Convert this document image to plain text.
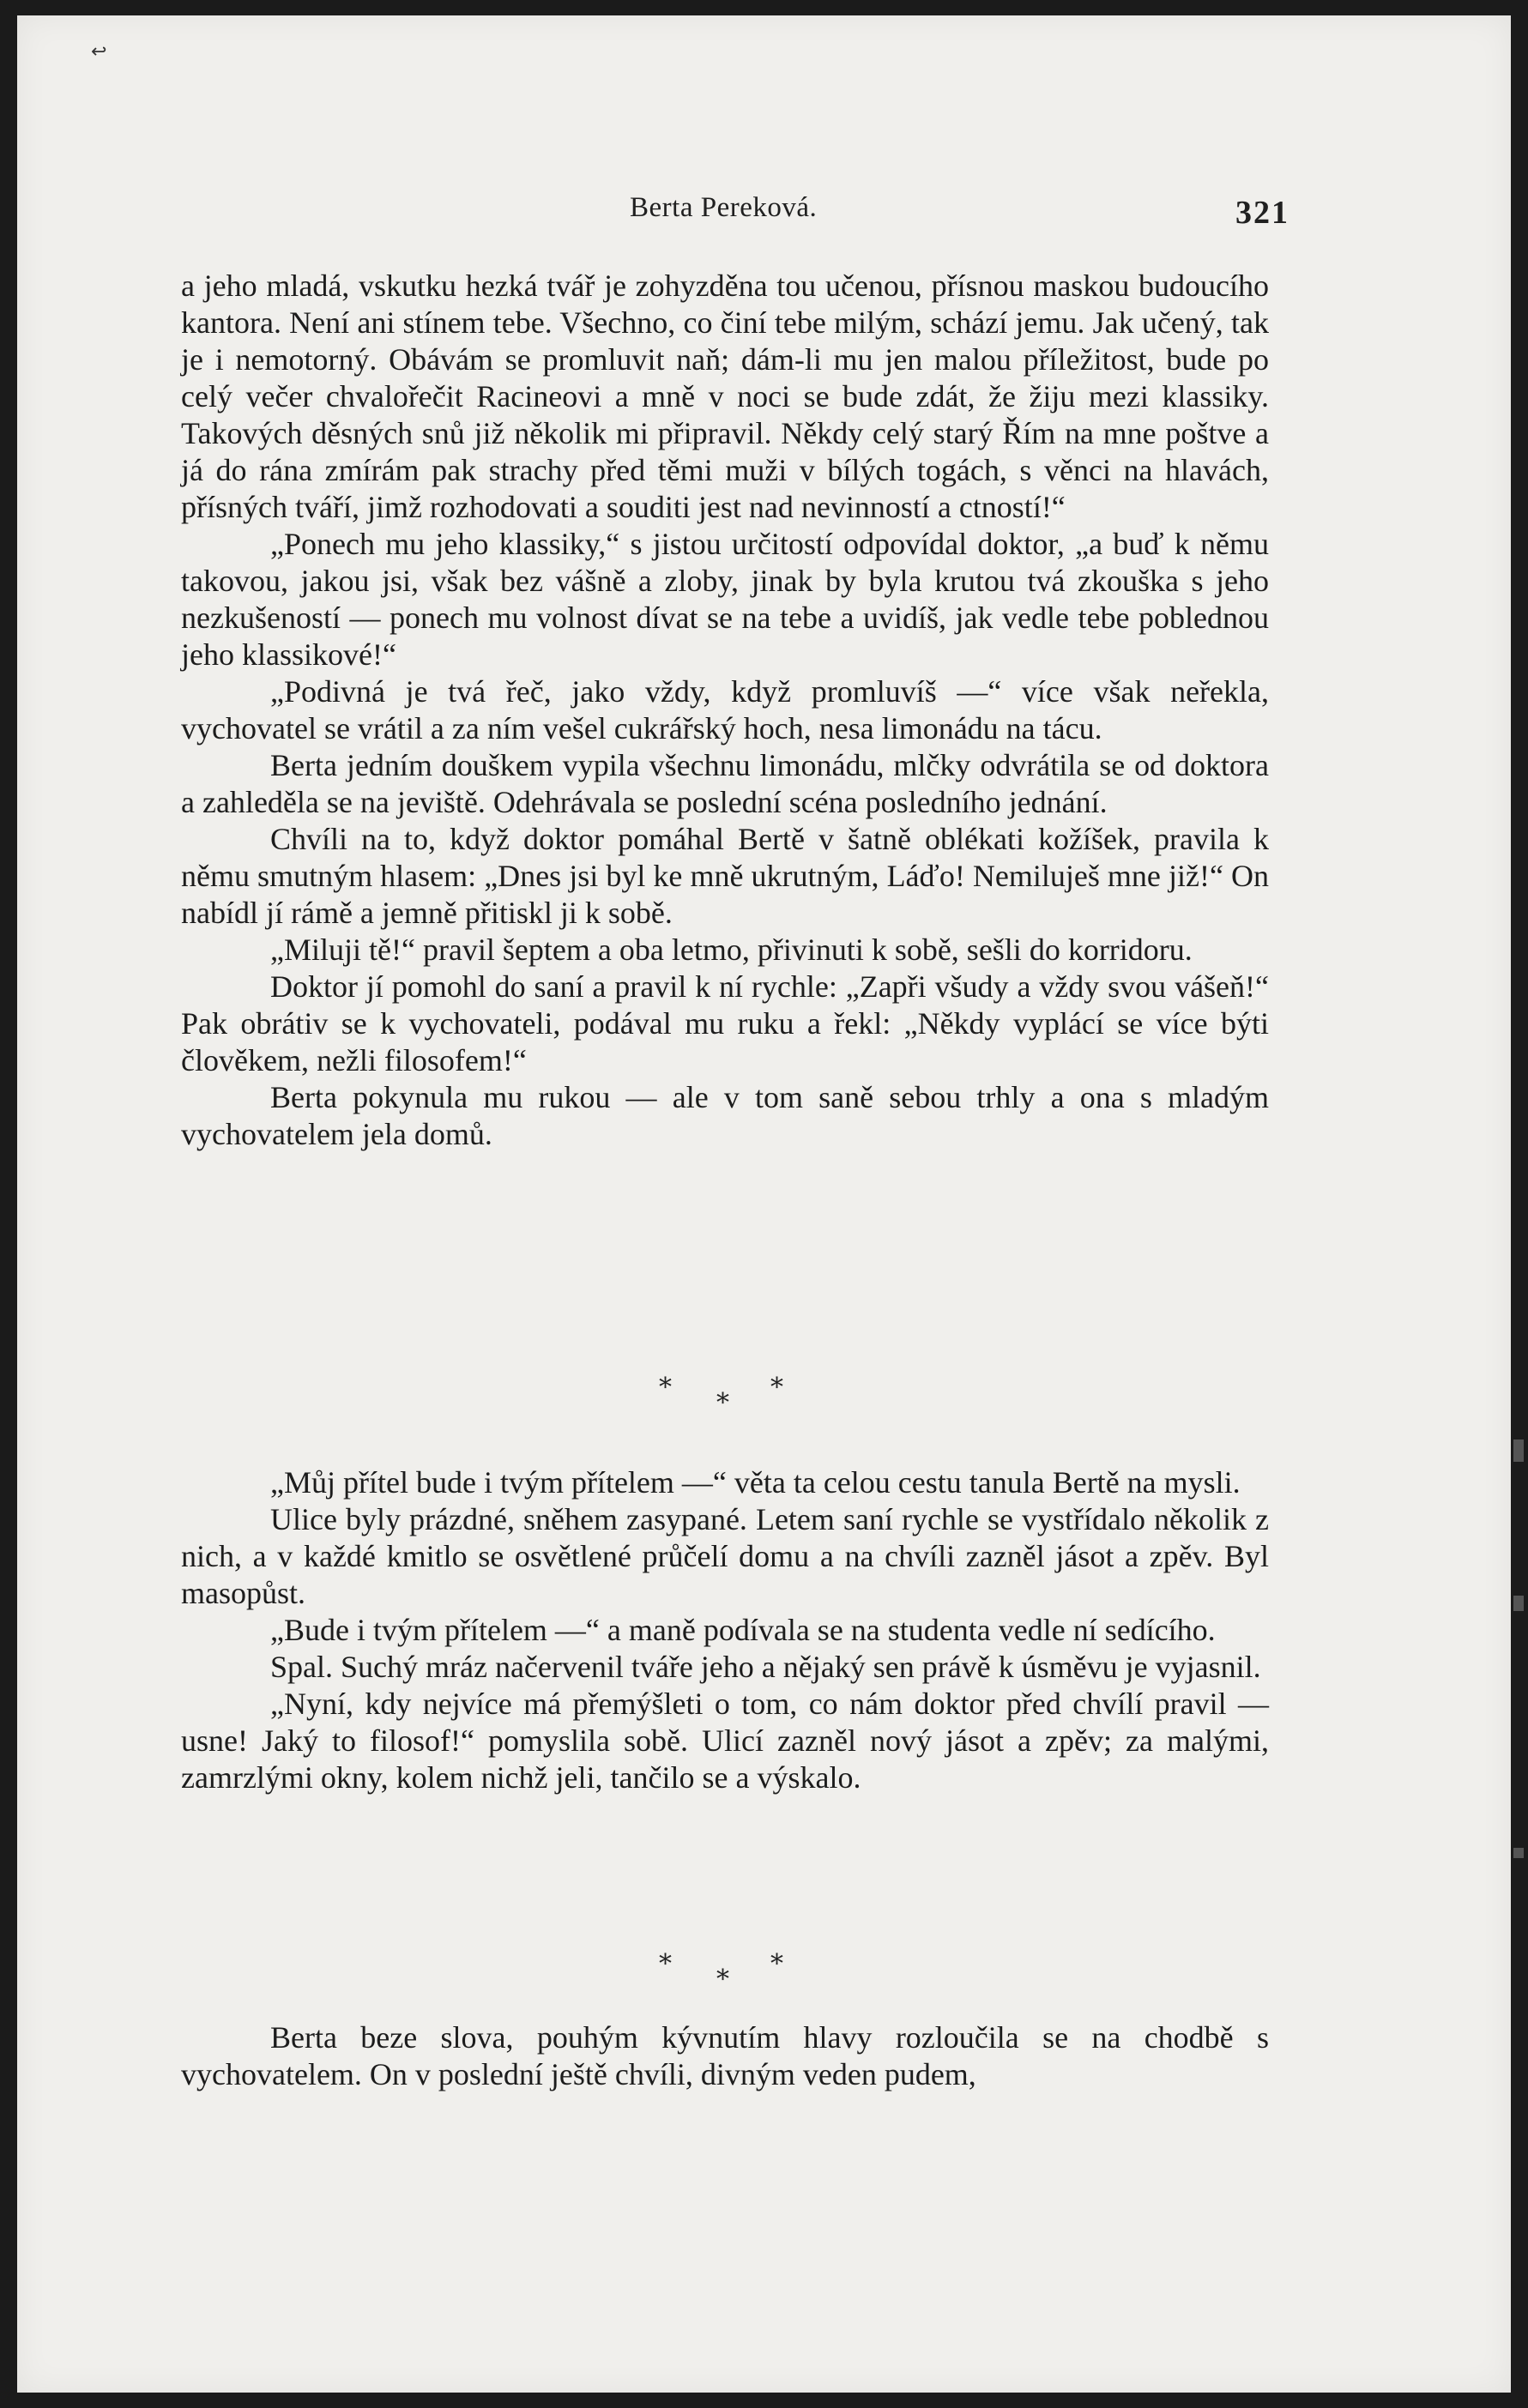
↩
Berta Pereková.	321

a jeho mladá, vskutku hezká tvář je zohyzděna tou učenou, přísnou maskou budoucího kantora. Není ani stínem tebe. Všechno, co činí tebe milým, schází jemu. Jak učený, tak je i nemotorný. Obávám se promluvit naň; dám-li mu jen malou příležitost, bude po celý večer chvalořečit Racineovi a mně v noci se bude zdát, že žiju mezi klassiky. Takových děsných snů již několik mi připravil. Někdy celý starý Řím na mne poštve a já do rána zmírám pak strachy před těmi muži v bílých togách, s věnci na hlavách, přísných tváří, jimž rozhodovati a souditi jest nad nevinností a ctností!“

„Ponech mu jeho klassiky,“ s jistou určitostí odpovídal doktor, „a buď k němu takovou, jakou jsi, však bez vášně a zloby, jinak by byla krutou tvá zkouška s jeho nezkušeností — ponech mu volnost dívat se na tebe a uvidíš, jak vedle tebe poblednou jeho klassikové!“

„Podivná je tvá řeč, jako vždy, když promluvíš —“ více však neřekla, vychovatel se vrátil a za ním vešel cukrářský hoch, nesa limonádu na tácu.

Berta jedním douškem vypila všechnu limonádu, mlčky odvrátila se od doktora a zahleděla se na jeviště. Odehrávala se poslední scéna posledního jednání.

Chvíli na to, když doktor pomáhal Bertě v šatně oblékati kožíšek, pravila k němu smutným hlasem: „Dnes jsi byl ke mně ukrutným, Láďo! Nemiluješ mne již!“ On nabídl jí rámě a jemně přitiskl ji k sobě.

„Miluji tě!“ pravil šeptem a oba letmo, přivinuti k sobě, sešli do korridoru.

Doktor jí pomohl do saní a pravil k ní rychle: „Zapři všudy a vždy svou vášeň!“ Pak obrátiv se k vychovateli, podával mu ruku a řekl: „Někdy vyplácí se více býti člověkem, nežli filosofem!“

Berta pokynula mu rukou — ale v tom saně sebou trhly a ona s mladým vychovatelem jela domů.

*
*
*

„Můj přítel bude i tvým přítelem —“ věta ta celou cestu tanula Bertě na mysli.

Ulice byly prázdné, sněhem zasypané. Letem saní rychle se vystřídalo několik z nich, a v každé kmitlo se osvětlené průčelí domu a na chvíli zazněl jásot a zpěv. Byl masopůst.

„Bude i tvým přítelem —“ a maně podívala se na studenta vedle ní sedícího.

Spal. Suchý mráz načervenil tváře jeho a nějaký sen právě k úsměvu je vyjasnil.

„Nyní, kdy nejvíce má přemýšleti o tom, co nám doktor před chvílí pravil — usne! Jaký to filosof!“ pomyslila sobě. Ulicí zazněl nový jásot a zpěv; za malými, zamrzlými okny, kolem nichž jeli, tančilo se a výskalo.

*
*
*

Berta beze slova, pouhým kývnutím hlavy rozloučila se na chodbě s vychovatelem. On v poslední ještě chvíli, divným veden pudem,
